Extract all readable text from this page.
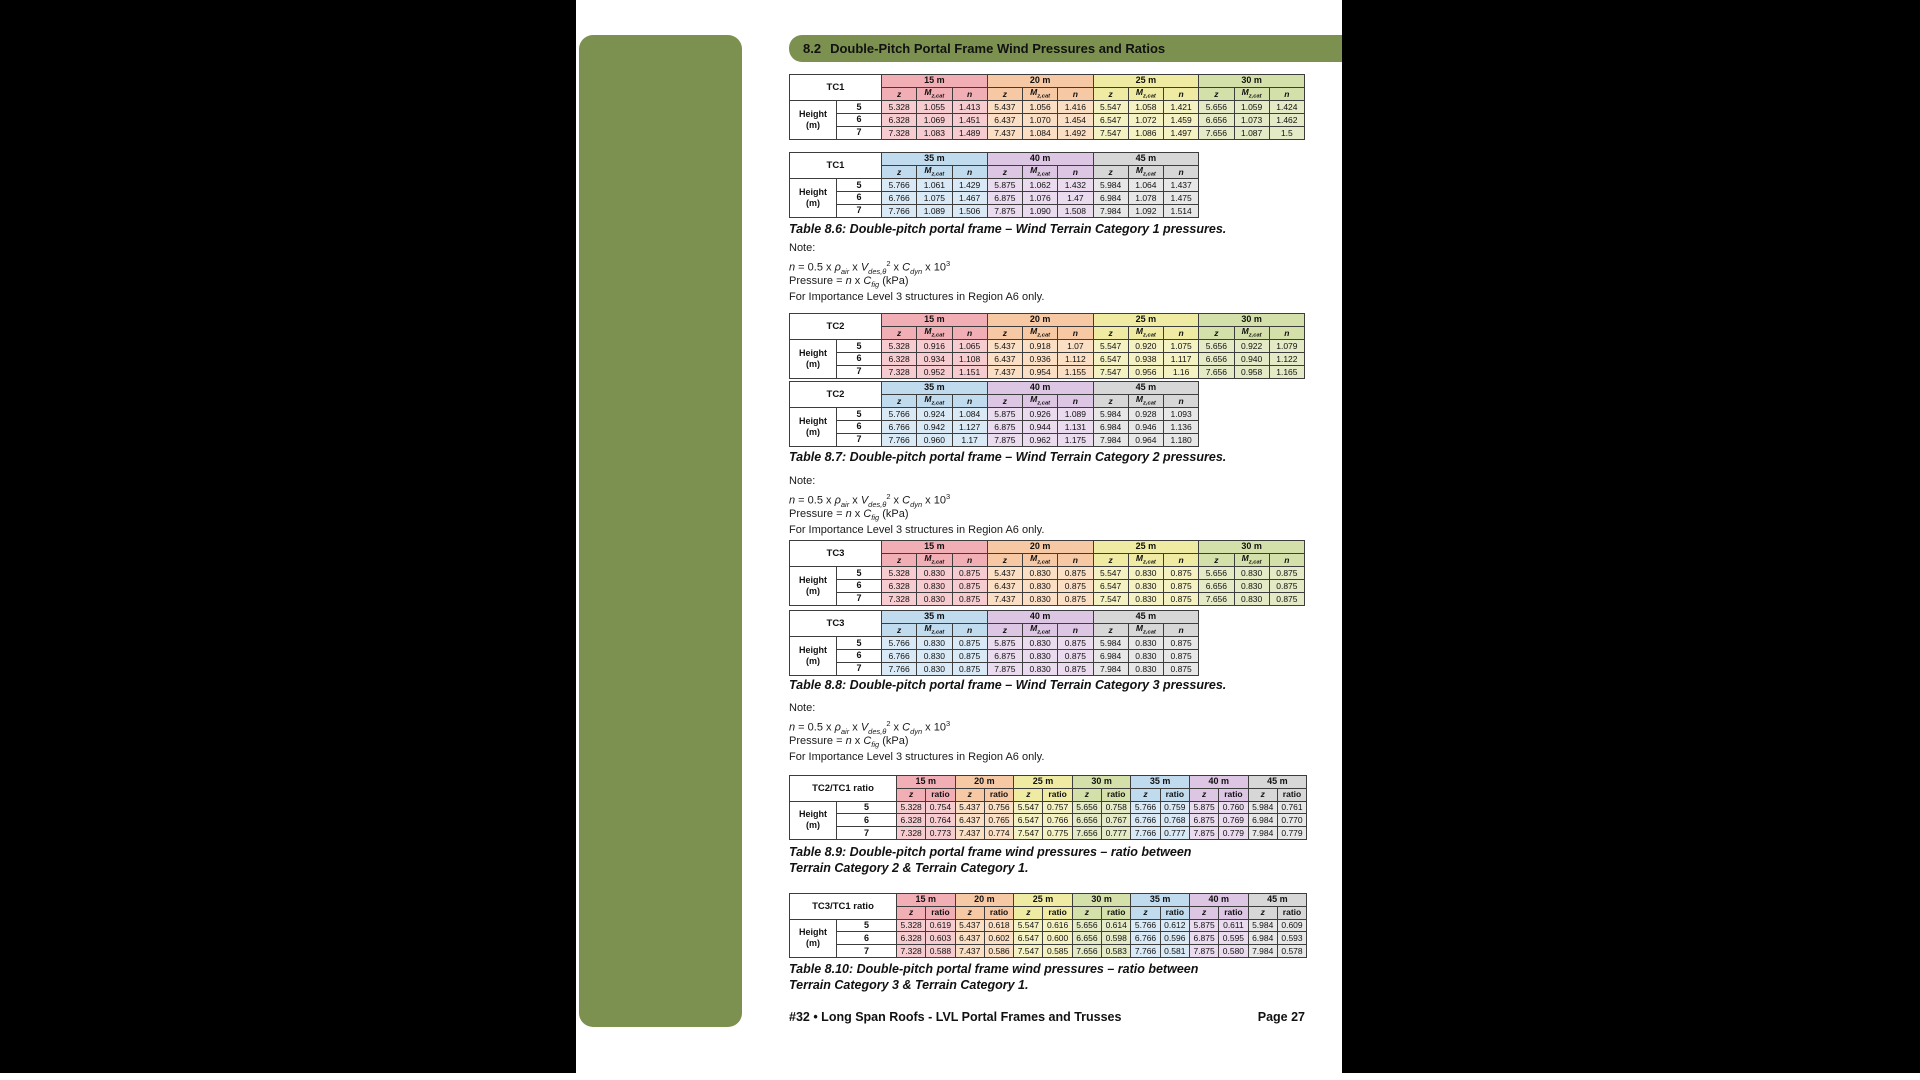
8.2 Double-Pitch Portal Frame Wind Pressures and Ratios
TC1		15 m			20 m			25 m			30 m		
		z	$M_{z,cat}$	n	z	$M_{z,cat}$	n	z	$M_{z,cat}$	n	z	$M_{z,cat}$	n
Height
(m)	5	5.328	1.055	1.413	5.437	1.056	1.416	5.547	1.058	1.421	5.656	1.059	1.424
	6	6.328	1.069	1.451	6.437	1.070	1.454	6.547	1.072	1.459	6.656	1.073	1.462
	7	7.328	1.083	1.489	7.437	1.084	1.492	7.547	1.086	1.497	7.656	1.087	1.5
TC1		35 m			40 m			45 m		
		z	$M_{z,cat}$	n	z	$M_{z,cat}$	n	z	$M_{z,cat}$	n
Height
(m)	5	5.766	1.061	1.429	5.875	1.062	1.432	5.984	1.064	1.437
	6	6.766	1.075	1.467	6.875	1.076	1.47	6.984	1.078	1.475
	7	7.766	1.089	1.506	7.875	1.090	1.508	7.984	1.092	1.514
Table 8.6: Double-pitch portal frame – Wind Terrain Category 1 pressures.
Note:
n = 0.5 x $\rho_{air}$ x $V_{des,\theta}^2$ x $C_{dyn}$ x $10^3$
Pressure = n x $C_{fig}$ (kPa)
For Importance Level 3 structures in Region A6 only.
TC2		15 m			20 m			25 m			30 m		
		z	$M_{z,cat}$	n	z	$M_{z,cat}$	n	z	$M_{z,cat}$	n	z	$M_{z,cat}$	n
Height
(m)	5	5.328	0.916	1.065	5.437	0.918	1.07	5.547	0.920	1.075	5.656	0.922	1.079
	6	6.328	0.934	1.108	6.437	0.936	1.112	6.547	0.938	1.117	6.656	0.940	1.122
	7	7.328	0.952	1.151	7.437	0.954	1.155	7.547	0.956	1.16	7.656	0.958	1.165
TC2		35 m			40 m			45 m		
		z	$M_{z,cat}$	n	z	$M_{z,cat}$	n	z	$M_{z,cat}$	n
Height
(m)	5	5.766	0.924	1.084	5.875	0.926	1.089	5.984	0.928	1.093
	6	6.766	0.942	1.127	6.875	0.944	1.131	6.984	0.946	1.136
	7	7.766	0.960	1.17	7.875	0.962	1.175	7.984	0.964	1.180
Table 8.7: Double-pitch portal frame – Wind Terrain Category 2 pressures.
Note:
n = 0.5 x $\rho_{air}$ x $V_{des,\theta}^2$ x $C_{dyn}$ x $10^3$
Pressure = n x $C_{fig}$ (kPa)
For Importance Level 3 structures in Region A6 only.
TC3		15 m			20 m			25 m			30 m		
		z	$M_{z,cat}$	n	z	$M_{z,cat}$	n	z	$M_{z,cat}$	n	z	$M_{z,cat}$	n
Height
(m)	5	5.328	0.830	0.875	5.437	0.830	0.875	5.547	0.830	0.875	5.656	0.830	0.875
	6	6.328	0.830	0.875	6.437	0.830	0.875	6.547	0.830	0.875	6.656	0.830	0.875
	7	7.328	0.830	0.875	7.437	0.830	0.875	7.547	0.830	0.875	7.656	0.830	0.875
TC3		35 m			40 m			45 m		
		z	$M_{z,cat}$	n	z	$M_{z,cat}$	n	z	$M_{z,cat}$	n
Height
(m)	5	5.766	0.830	0.875	5.875	0.830	0.875	5.984	0.830	0.875
	6	6.766	0.830	0.875	6.875	0.830	0.875	6.984	0.830	0.875
	7	7.766	0.830	0.875	7.875	0.830	0.875	7.984	0.830	0.875
Table 8.8: Double-pitch portal frame – Wind Terrain Category 3 pressures.
Note:
n = 0.5 x $\rho_{air}$ x $V_{des,\theta}^2$ x $C_{dyn}$ x $10^3$
Pressure = n x $C_{fig}$ (kPa)
For Importance Level 3 structures in Region A6 only.
TC2/TC1 ratio		15 m		20 m		25 m		30 m		35 m		40 m		45 m	
		z	ratio	z	ratio	z	ratio	z	ratio	z	ratio	z	ratio	z	ratio
Height
(m)	5	5.328	0.754	5.437	0.756	5.547	0.757	5.656	0.758	5.766	0.759	5.875	0.760	5.984	0.761
	6	6.328	0.764	6.437	0.765	6.547	0.766	6.656	0.767	6.766	0.768	6.875	0.769	6.984	0.770
	7	7.328	0.773	7.437	0.774	7.547	0.775	7.656	0.777	7.766	0.777	7.875	0.779	7.984	0.779
Table 8.9: Double-pitch portal frame wind pressures – ratio between
Terrain Category 2 & Terrain Category 1.
TC3/TC1 ratio		15 m		20 m		25 m		30 m		35 m		40 m		45 m	
		z	ratio	z	ratio	z	ratio	z	ratio	z	ratio	z	ratio	z	ratio
Height
(m)	5	5.328	0.619	5.437	0.618	5.547	0.616	5.656	0.614	5.766	0.612	5.875	0.611	5.984	0.609
	6	6.328	0.603	6.437	0.602	6.547	0.600	6.656	0.598	6.766	0.596	6.875	0.595	6.984	0.593
	7	7.328	0.588	7.437	0.586	7.547	0.585	7.656	0.583	7.766	0.581	7.875	0.580	7.984	0.578
Table 8.10: Double-pitch portal frame wind pressures – ratio between
Terrain Category 3 & Terrain Category 1.
#32 • Long Span Roofs - LVL Portal Frames and Trusses	Page 27
